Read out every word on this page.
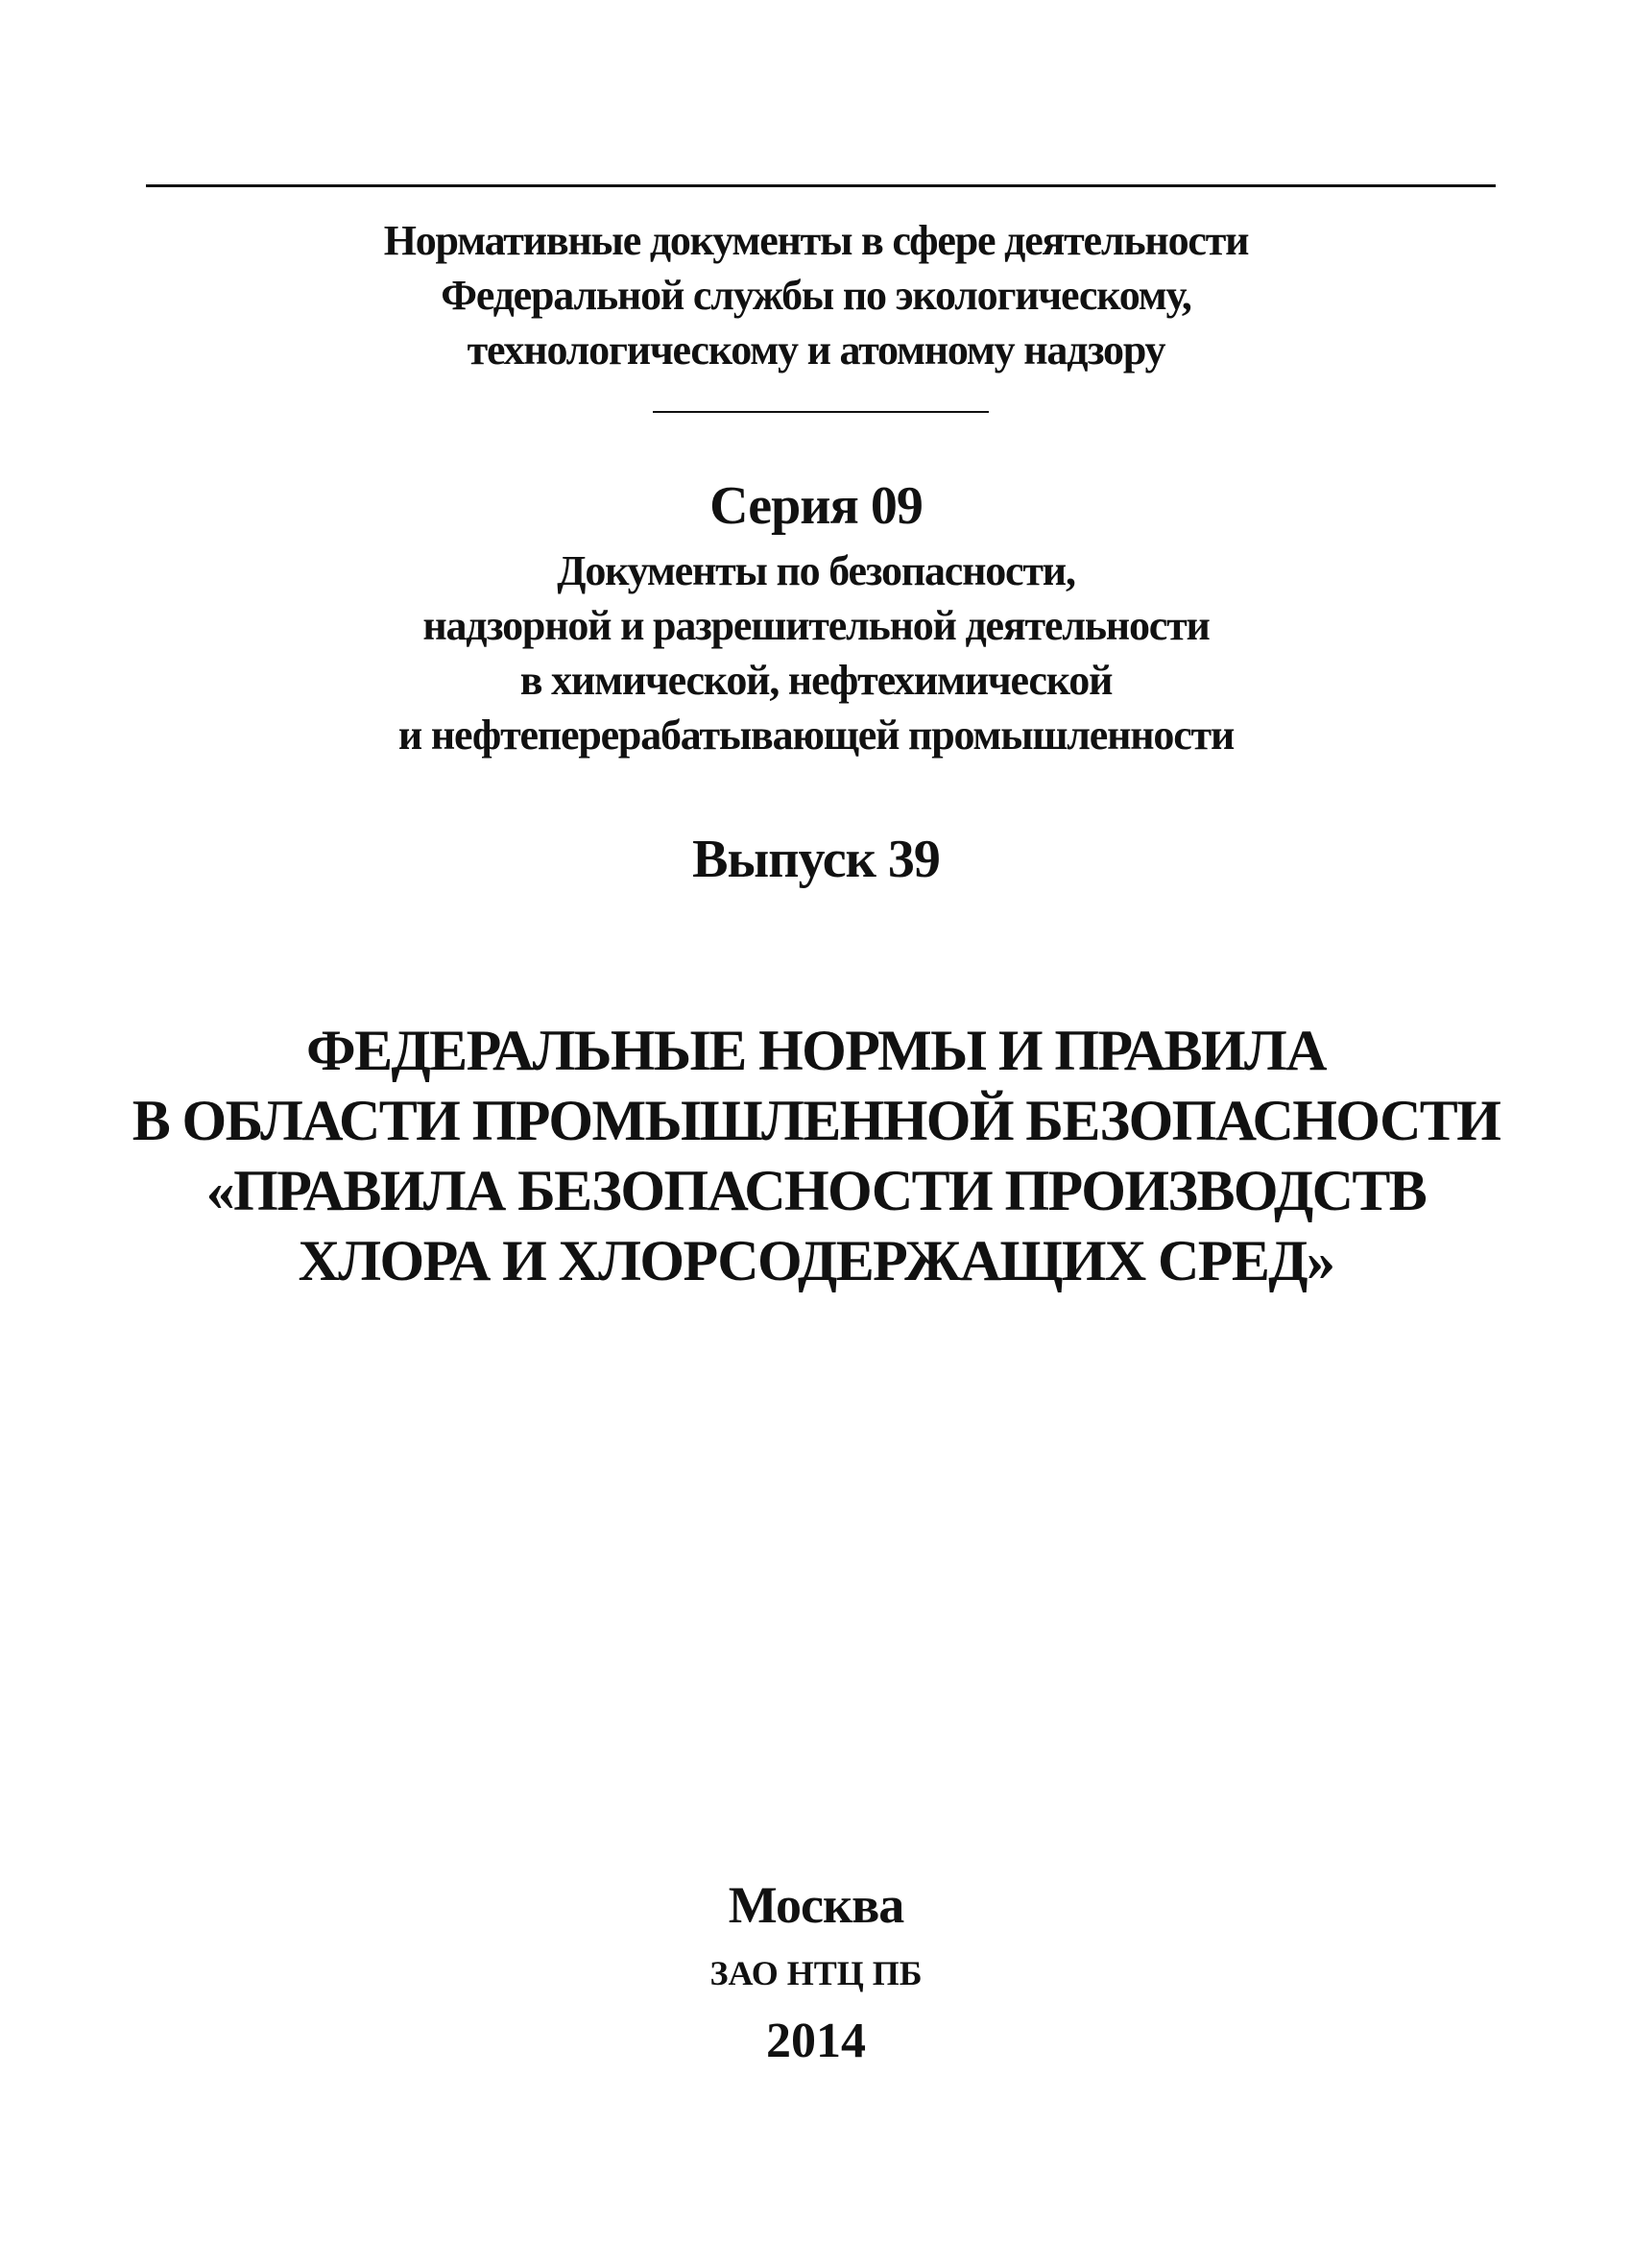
Нормативные документы в сфере деятельности
Федеральной службы по экологическому,
технологическому и атомному надзору
Серия 09
Документы по безопасности,
надзорной и разрешительной деятельности
в химической, нефтехимической
и нефтеперерабатывающей промышленности
Выпуск 39
ФЕДЕРАЛЬНЫЕ НОРМЫ И ПРАВИЛА
В ОБЛАСТИ ПРОМЫШЛЕННОЙ БЕЗОПАСНОСТИ
«ПРАВИЛА БЕЗОПАСНОСТИ ПРОИЗВОДСТВ
ХЛОРА И ХЛОРСОДЕРЖАЩИХ СРЕД»
Москва
ЗАО НТЦ ПБ
2014
